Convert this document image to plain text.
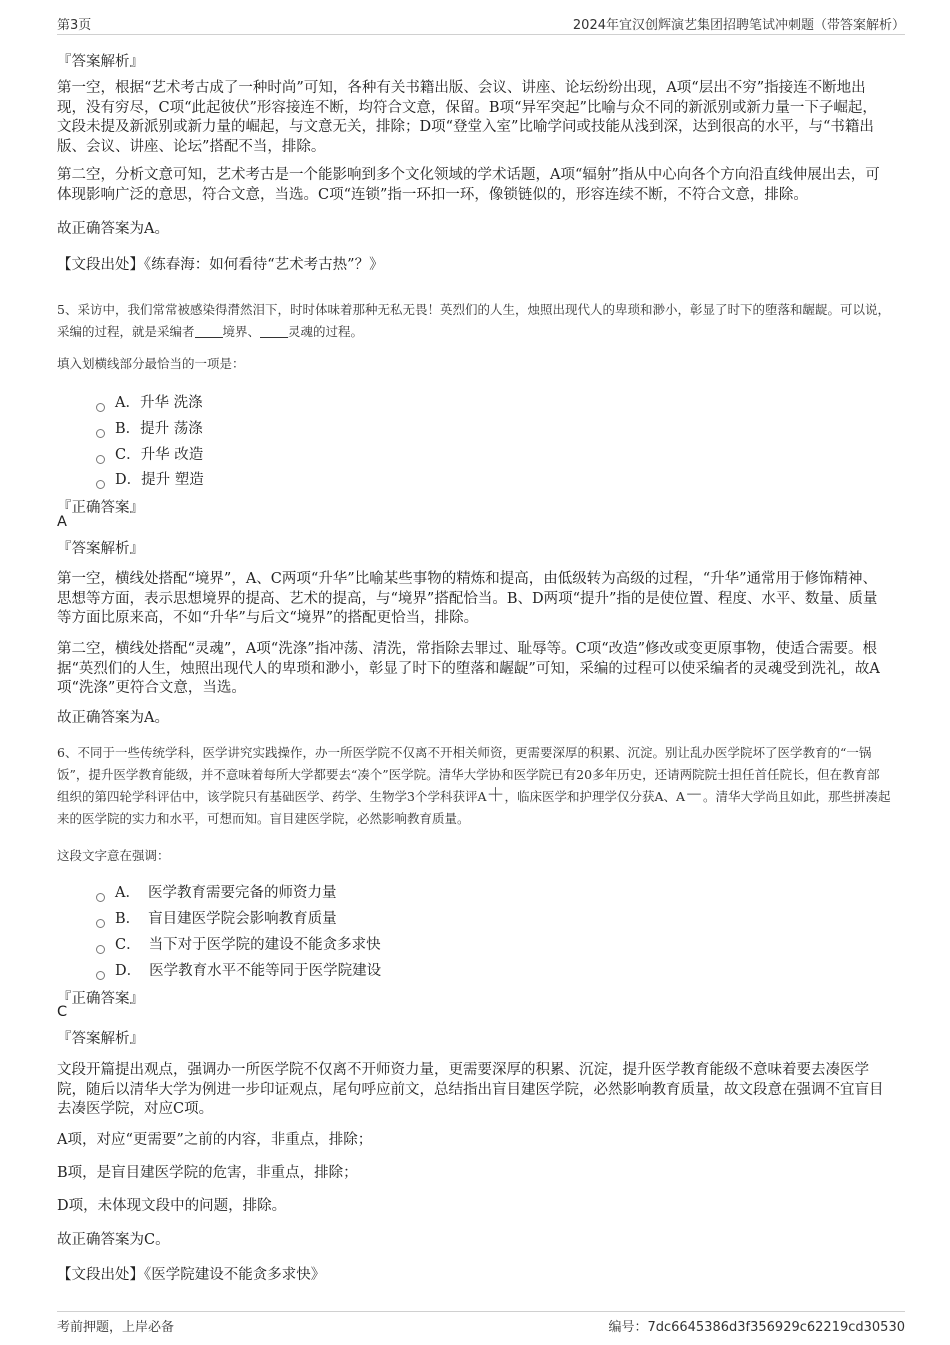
第3页	2024年宜汉创辉演艺集团招聘笔试冲刺题（带答案解析）
『答案解析』
第一空，根据“艺术考古成了一种时尚”可知，各种有关书籍出版、会议、讲座、论坛纷纷出现，A项“层出不穷”指接连不断地出现，没有穷尽，C项“此起彼伏”形容接连不断，均符合文意，保留。B项“异军突起”比喻与众不同的新派别或新力量一下子崛起，文段未提及新派别或新力量的崛起，与文意无关，排除；D项“登堂入室”比喻学问或技能从浅到深，达到很高的水平，与“书籍出版、会议、讲座、论坛”搭配不当，排除。
第二空，分析文意可知，艺术考古是一个能影响到多个文化领域的学术话题，A项“辐射”指从中心向各个方向沿直线伸展出去，可体现影响广泛的意思，符合文意，当选。C项“连锁”指一环扣一环，像锁链似的，形容连续不断，不符合文意，排除。
故正确答案为A。
【文段出处】《练春海：如何看待“艺术考古热”？》
5、采访中，我们常常被感染得潸然泪下，时时体味着那种无私无畏！英烈们的人生，烛照出现代人的卑琐和渺小，彰显了时下的堕落和龌龊。可以说，采编的过程，就是采编者 境界、 灵魂的过程。
填入划横线部分最恰当的一项是：
A．升华 洗涤
B．提升 荡涤
C．升华 改造
D．提升 塑造
『正确答案』
A
『答案解析』
第一空，横线处搭配“境界”，A、C两项“升华”比喻某些事物的精炼和提高，由低级转为高级的过程，“升华”通常用于修饰精神、思想等方面，表示思想境界的提高、艺术的提高，与“境界”搭配恰当。B、D两项“提升”指的是使位置、程度、水平、数量、质量等方面比原来高，不如“升华”与后文“境界”的搭配更恰当，排除。
第二空，横线处搭配“灵魂”，A项“洗涤”指冲荡、清洗，常指除去罪过、耻辱等。C项“改造”修改或变更原事物，使适合需要。根据“英烈们的人生，烛照出现代人的卑琐和渺小，彰显了时下的堕落和龌龊”可知，采编的过程可以使采编者的灵魂受到洗礼，故A项“洗涤”更符合文意，当选。
故正确答案为A。
6、不同于一些传统学科，医学讲究实践操作，办一所医学院不仅离不开相关师资，更需要深厚的积累、沉淀。别让乱办医学院坏了医学教育的“一锅饭”，提升医学教育能级，并不意味着每所大学都要去“凑个”医学院。清华大学协和医学院已有20多年历史，还请两院院士担任首任院长，但在教育部组织的第四轮学科评估中，该学院只有基础医学、药学、生物学3个学科获评A＋，临床医学和护理学仅分获A、A－。清华大学尚且如此，那些拼凑起来的医学院的实力和水平，可想而知。盲目建医学院，必然影响教育质量。
这段文字意在强调：
A． 医学教育需要完备的师资力量
B． 盲目建医学院会影响教育质量
C． 当下对于医学院的建设不能贪多求快
D． 医学教育水平不能等同于医学院建设
『正确答案』
C
『答案解析』
文段开篇提出观点，强调办一所医学院不仅离不开师资力量，更需要深厚的积累、沉淀，提升医学教育能级不意味着要去凑医学院，随后以清华大学为例进一步印证观点，尾句呼应前文，总结指出盲目建医学院，必然影响教育质量，故文段意在强调不宜盲目去凑医学院，对应C项。
A项，对应“更需要”之前的内容，非重点，排除；
B项，是盲目建医学院的危害，非重点，排除；
D项，未体现文段中的问题，排除。
故正确答案为C。
【文段出处】《医学院建设不能贪多求快》
考前押题，上岸必备	编号：7dc6645386d3f356929c62219cd30530
